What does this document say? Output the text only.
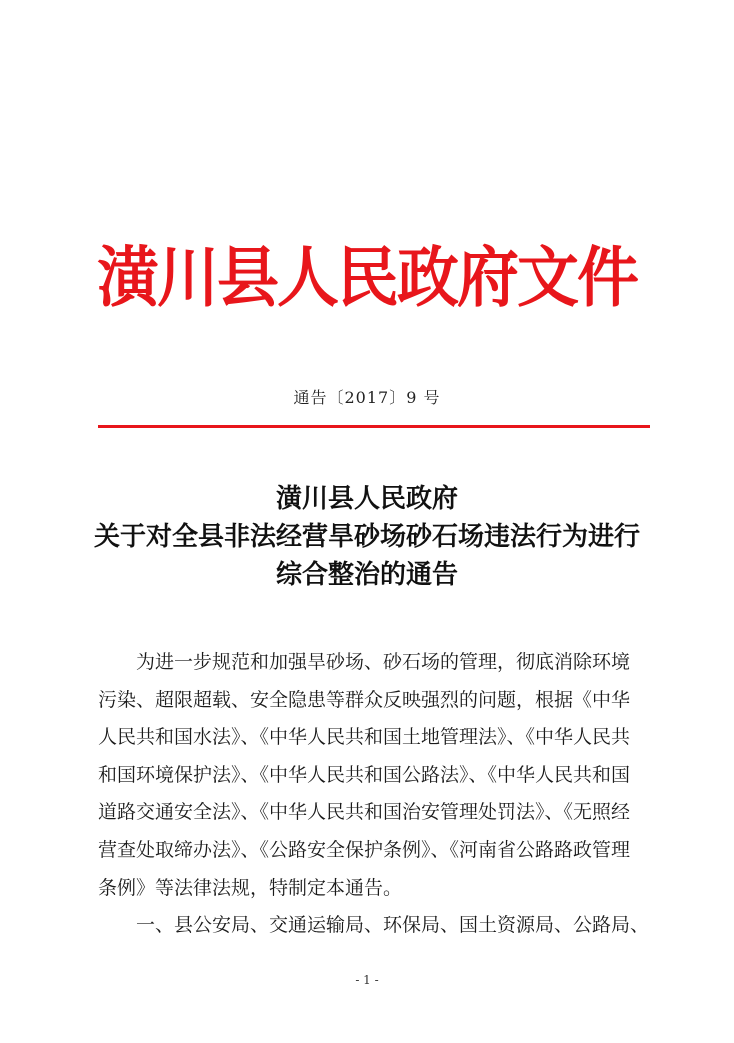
潢川县人民政府文件
通告〔2017〕9 号
潢川县人民政府
关于对全县非法经营旱砂场砂石场违法行为进行
综合整治的通告
　　为进一步规范和加强旱砂场、砂石场的管理，彻底消除环境
污染、超限超载、安全隐患等群众反映强烈的问题，根据《中华
人民共和国水法》、《中华人民共和国土地管理法》、《中华人民共
和国环境保护法》、《中华人民共和国公路法》、《中华人民共和国
道路交通安全法》、《中华人民共和国治安管理处罚法》、《无照经
营查处取缔办法》、《公路安全保护条例》、《河南省公路路政管理
条例》等法律法规，特制定本通告。
　　一、县公安局、交通运输局、环保局、国土资源局、公路局、
- 1 -
